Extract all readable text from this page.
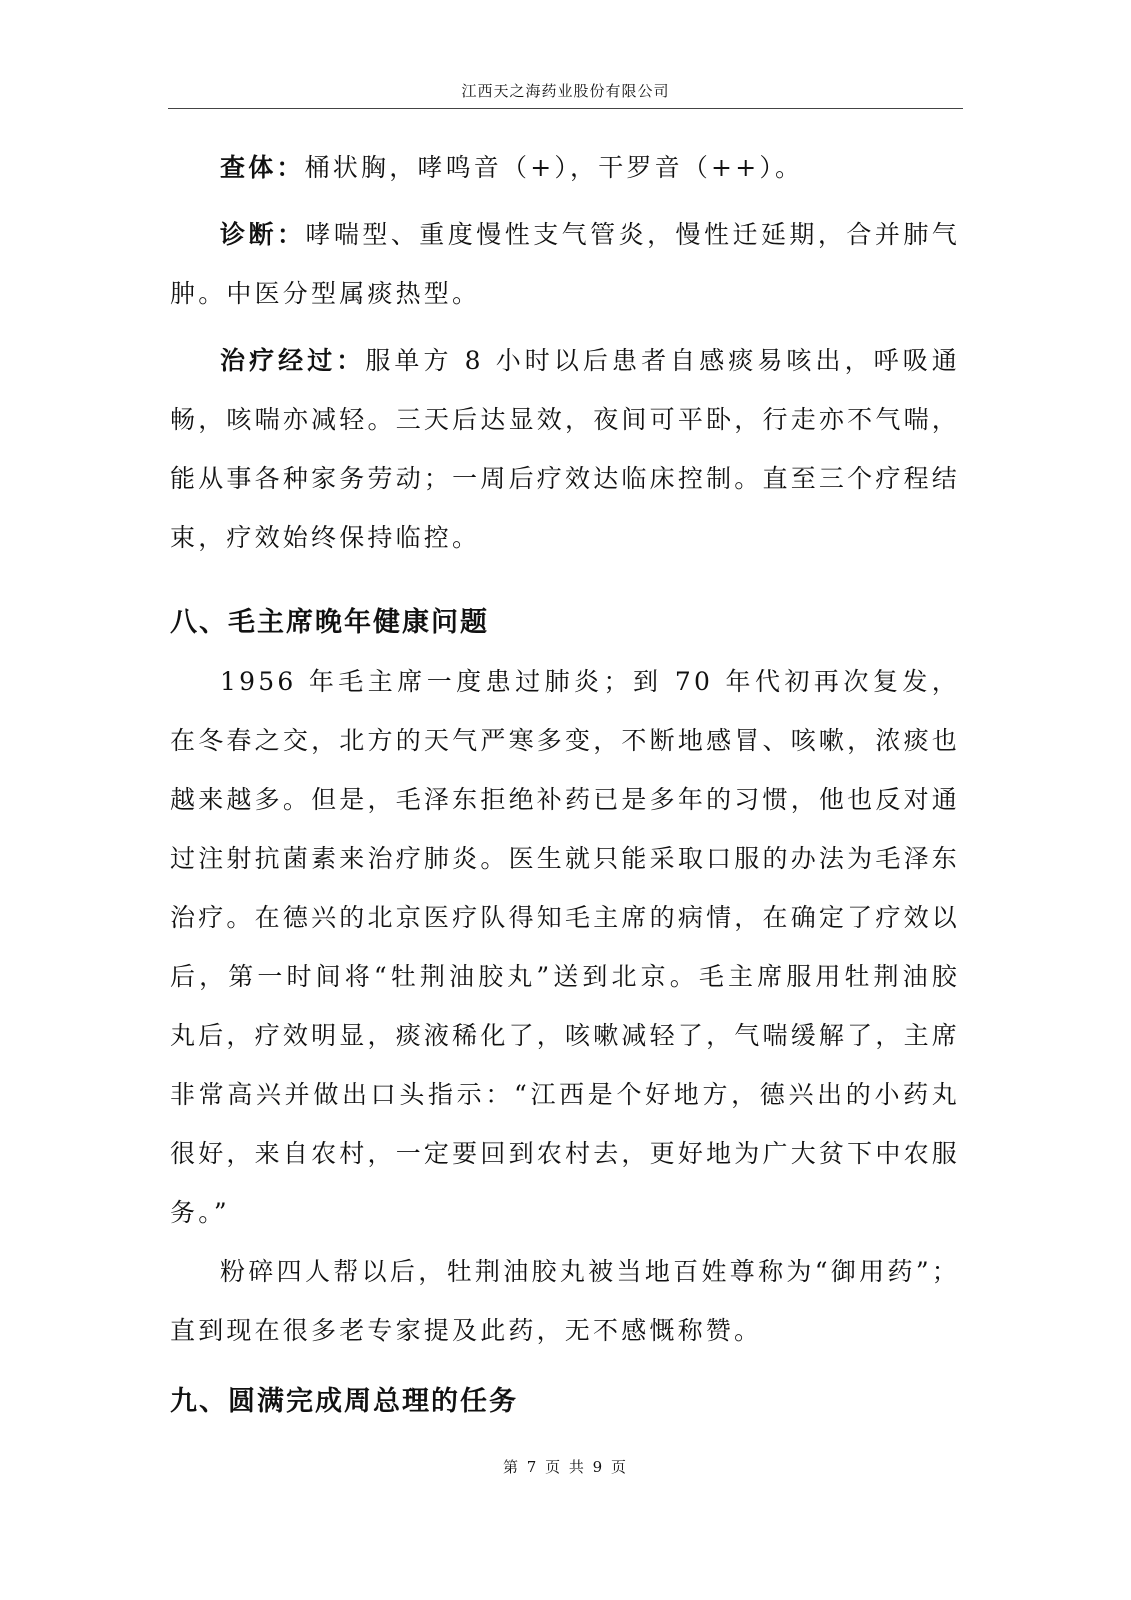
江西天之海药业股份有限公司

查体：桶状胸，哮鸣音（+），干罗音（++）。

诊断：哮喘型、重度慢性支气管炎，慢性迁延期，合并肺气肿。中医分型属痰热型。

治疗经过：服单方 8 小时以后患者自感痰易咳出，呼吸通畅，咳喘亦减轻。三天后达显效，夜间可平卧，行走亦不气喘，能从事各种家务劳动；一周后疗效达临床控制。直至三个疗程结束，疗效始终保持临控。

八、毛主席晚年健康问题

1956 年毛主席一度患过肺炎；到 70 年代初再次复发，在冬春之交，北方的天气严寒多变，不断地感冒、咳嗽，浓痰也越来越多。但是，毛泽东拒绝补药已是多年的习惯，他也反对通过注射抗菌素来治疗肺炎。医生就只能采取口服的办法为毛泽东治疗。在德兴的北京医疗队得知毛主席的病情，在确定了疗效以后，第一时间将“牡荆油胶丸”送到北京。毛主席服用牡荆油胶丸后，疗效明显，痰液稀化了，咳嗽减轻了，气喘缓解了，主席非常高兴并做出口头指示：“江西是个好地方，德兴出的小药丸很好，来自农村，一定要回到农村去，更好地为广大贫下中农服务。”

粉碎四人帮以后，牡荆油胶丸被当地百姓尊称为“御用药”；直到现在很多老专家提及此药，无不感慨称赞。

九、圆满完成周总理的任务
第 7 页 共 9 页
